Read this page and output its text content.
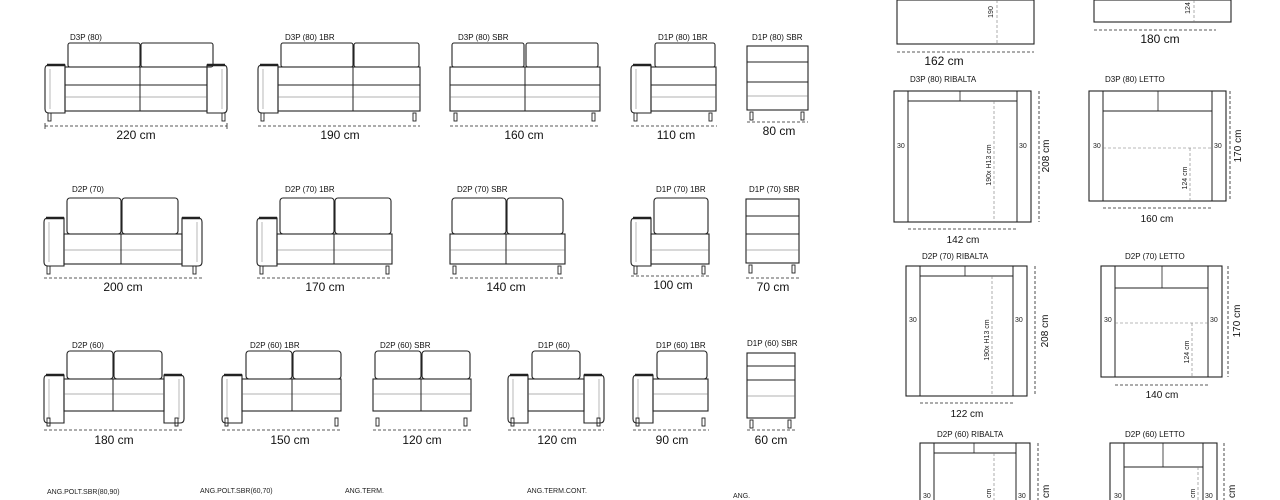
D3P (80)
220 cm
D3P (80) 1BR
190 cm
D3P (80) SBR
160 cm
D1P (80) 1BR
110 cm
D1P (80) SBR
80 cm
D2P (70)
200 cm
D2P (70) 1BR
170 cm
D2P (70) SBR
140 cm
D1P (70) 1BR
100 cm
D1P (70) SBR
70 cm
D2P (60)
180 cm
D2P (60) 1BR
150 cm
D2P (60) SBR
120 cm
D1P (60)
120 cm
D1P (60) 1BR
90 cm
D1P (60) SBR
60 cm
ANG.POLT.SBR(80,90)	ANG.POLT.SBR(60,70)	ANG.TERM.	ANG.TERM.CONT.
ANG.
190
162 cm
124
180 cm
D3P (80) RIBALTA
30	30
190x H13 cm	208 cm
142 cm
D3P (80) LETTO
30	30
124 cm
170 cm
160 cm
D2P (70) RIBALTA
30	30
190x H13 cm	208 cm
122 cm
D2P (70) LETTO
30	30
124 cm
170 cm
140 cm
D2P (60) RIBALTA
30	30
cm	cm
D2P (60) LETTO
30	30
cm	cm
